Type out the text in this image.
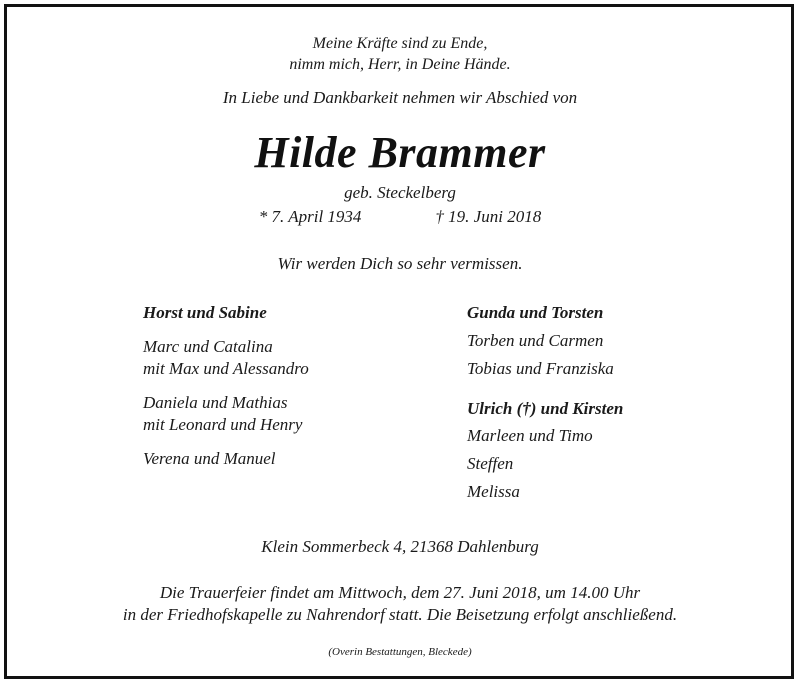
Meine Kräfte sind zu Ende,
nimm mich, Herr, in Deine Hände.
In Liebe und Dankbarkeit nehmen wir Abschied von
Hilde Brammer
geb. Steckelberg
* 7. April 1934	† 19. Juni 2018
Wir werden Dich so sehr vermissen.
Horst und Sabine
Marc und Catalina
mit Max und Alessandro
Daniela und Mathias
mit Leonard und Henry
Verena und Manuel
Gunda und Torsten
Torben und Carmen
Tobias und Franziska
Ulrich (†) und Kirsten
Marleen und Timo
Steffen
Melissa
Klein Sommerbeck 4, 21368 Dahlenburg
Die Trauerfeier findet am Mittwoch, dem 27. Juni 2018, um 14.00 Uhr
in der Friedhofskapelle zu Nahrendorf statt. Die Beisetzung erfolgt anschließend.
(Overin Bestattungen, Bleckede)
